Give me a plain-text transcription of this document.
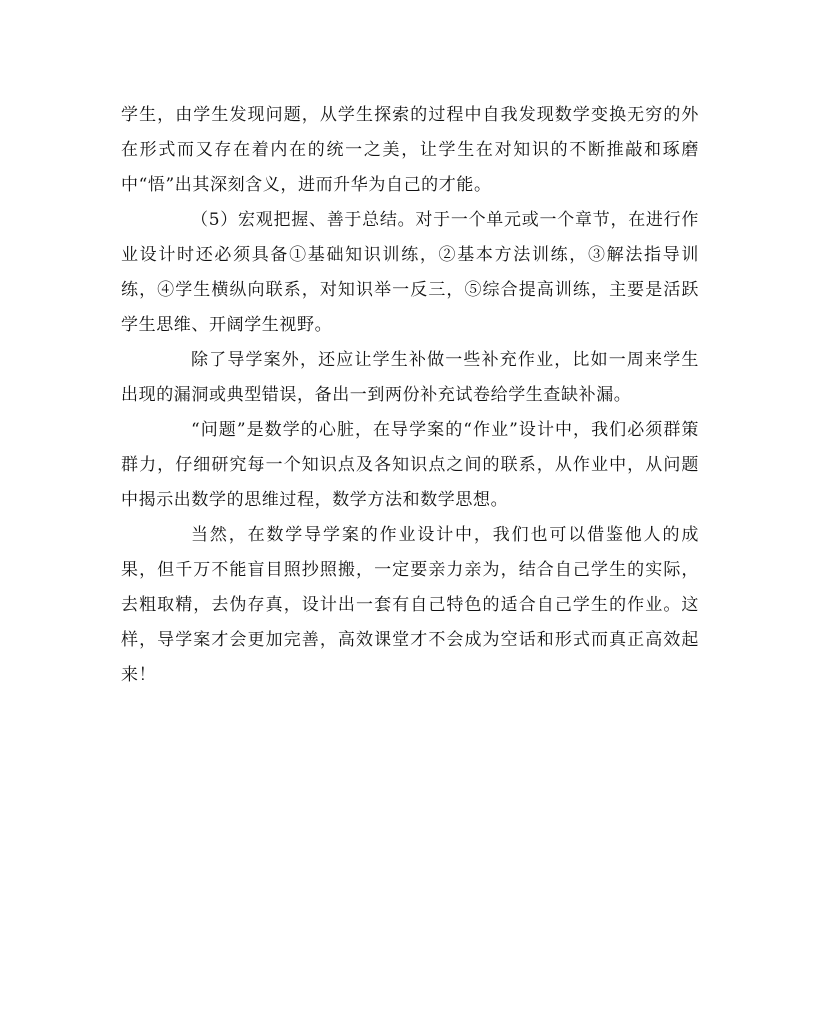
学生，由学生发现问题，从学生探索的过程中自我发现数学变换无穷的外在形式而又存在着内在的统一之美，让学生在对知识的不断推敲和琢磨中“悟”出其深刻含义，进而升华为自己的才能。

（5）宏观把握、善于总结。对于一个单元或一个章节，在进行作业设计时还必须具备①基础知识训练，②基本方法训练，③解法指导训练，④学生横纵向联系，对知识举一反三，⑤综合提高训练，主要是活跃学生思维、开阔学生视野。

除了导学案外，还应让学生补做一些补充作业，比如一周来学生出现的漏洞或典型错误，备出一到两份补充试卷给学生查缺补漏。

“问题”是数学的心脏，在导学案的“作业”设计中，我们必须群策群力，仔细研究每一个知识点及各知识点之间的联系，从作业中，从问题中揭示出数学的思维过程，数学方法和数学思想。

当然，在数学导学案的作业设计中，我们也可以借鉴他人的成果，但千万不能盲目照抄照搬，一定要亲力亲为，结合自己学生的实际，去粗取精，去伪存真，设计出一套有自己特色的适合自己学生的作业。这样，导学案才会更加完善，高效课堂才不会成为空话和形式而真正高效起来！
